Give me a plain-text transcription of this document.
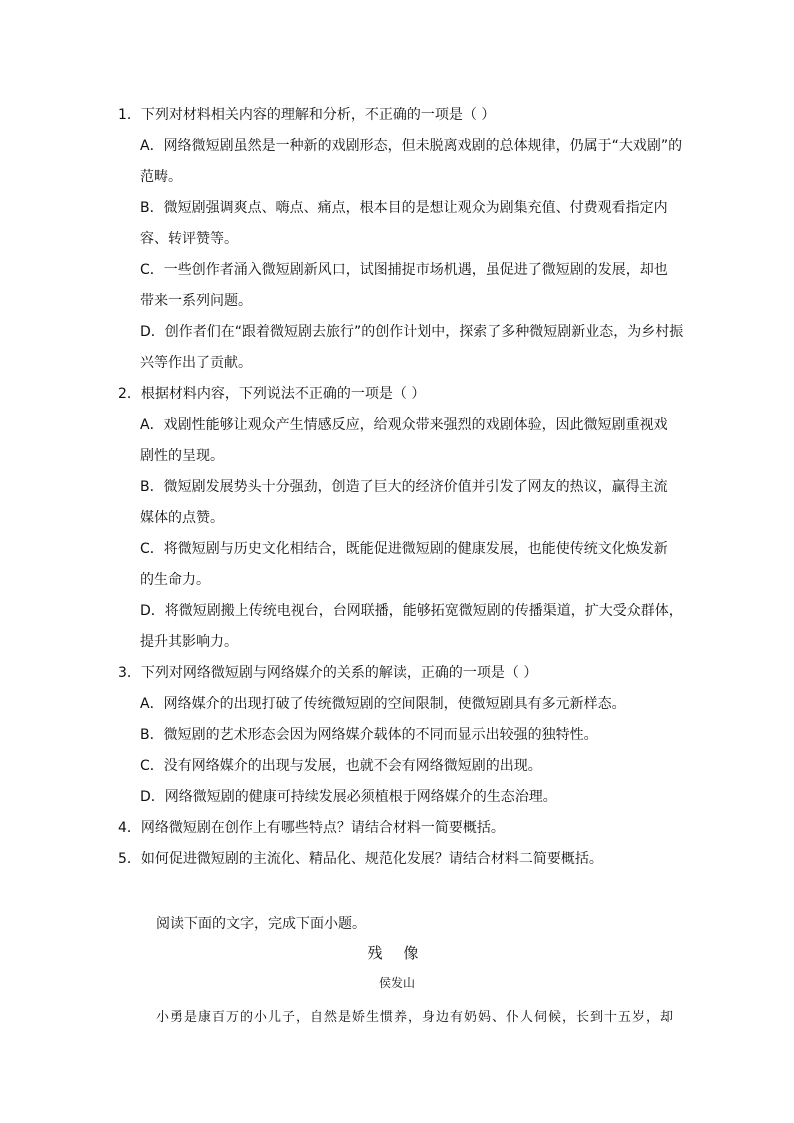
1．下列对材料相关内容的理解和分析，不正确的一项是（ ）

A．网络微短剧虽然是一种新的戏剧形态，但未脱离戏剧的总体规律，仍属于“大戏剧”的

范畴。

B．微短剧强调爽点、嗨点、痛点，根本目的是想让观众为剧集充值、付费观看指定内

容、转评赞等。

C．一些创作者涌入微短剧新风口，试图捕捉市场机遇，虽促进了微短剧的发展，却也

带来一系列问题。

D．创作者们在“跟着微短剧去旅行”的创作计划中，探索了多种微短剧新业态，为乡村振

兴等作出了贡献。

2．根据材料内容，下列说法不正确的一项是（ ）

A．戏剧性能够让观众产生情感反应，给观众带来强烈的戏剧体验，因此微短剧重视戏

剧性的呈现。

B．微短剧发展势头十分强劲，创造了巨大的经济价值并引发了网友的热议，赢得主流

媒体的点赞。

C．将微短剧与历史文化相结合，既能促进微短剧的健康发展，也能使传统文化焕发新

的生命力。

D．将微短剧搬上传统电视台，台网联播，能够拓宽微短剧的传播渠道，扩大受众群体，

提升其影响力。

3．下列对网络微短剧与网络媒介的关系的解读，正确的一项是（ ）

A．网络媒介的出现打破了传统微短剧的空间限制，使微短剧具有多元新样态。

B．微短剧的艺术形态会因为网络媒介载体的不同而显示出较强的独特性。

C．没有网络媒介的出现与发展，也就不会有网络微短剧的出现。

D．网络微短剧的健康可持续发展必须植根于网络媒介的生态治理。

4．网络微短剧在创作上有哪些特点？请结合材料一简要概括。

5．如何促进微短剧的主流化、精品化、规范化发展？请结合材料二简要概括。

阅读下面的文字，完成下面小题。
残 像
侯发山
小勇是康百万的小儿子，自然是娇生惯养，身边有奶妈、仆人伺候，长到十五岁，却
